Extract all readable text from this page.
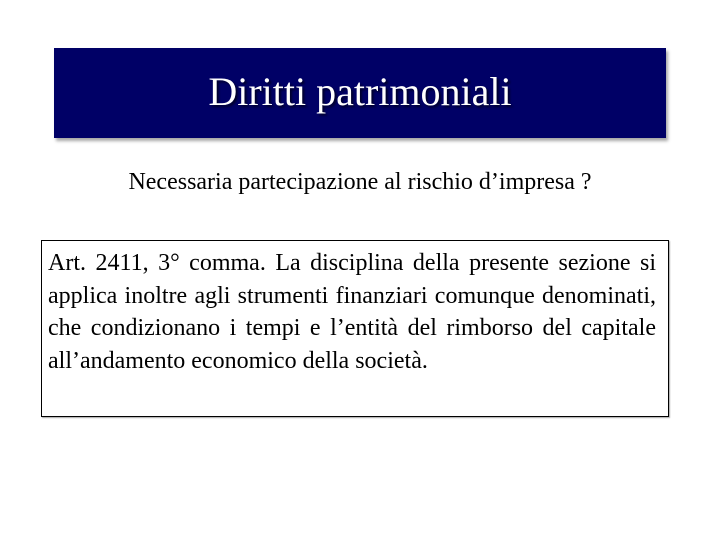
Diritti patrimoniali
Necessaria partecipazione al rischio d’impresa ?

Art. 2411, 3° comma. La disciplina della presente sezione si applica inoltre agli strumenti finanziari comunque denominati, che condizionano i tempi e l’entità del rimborso del capitale all’andamento economico della società.
